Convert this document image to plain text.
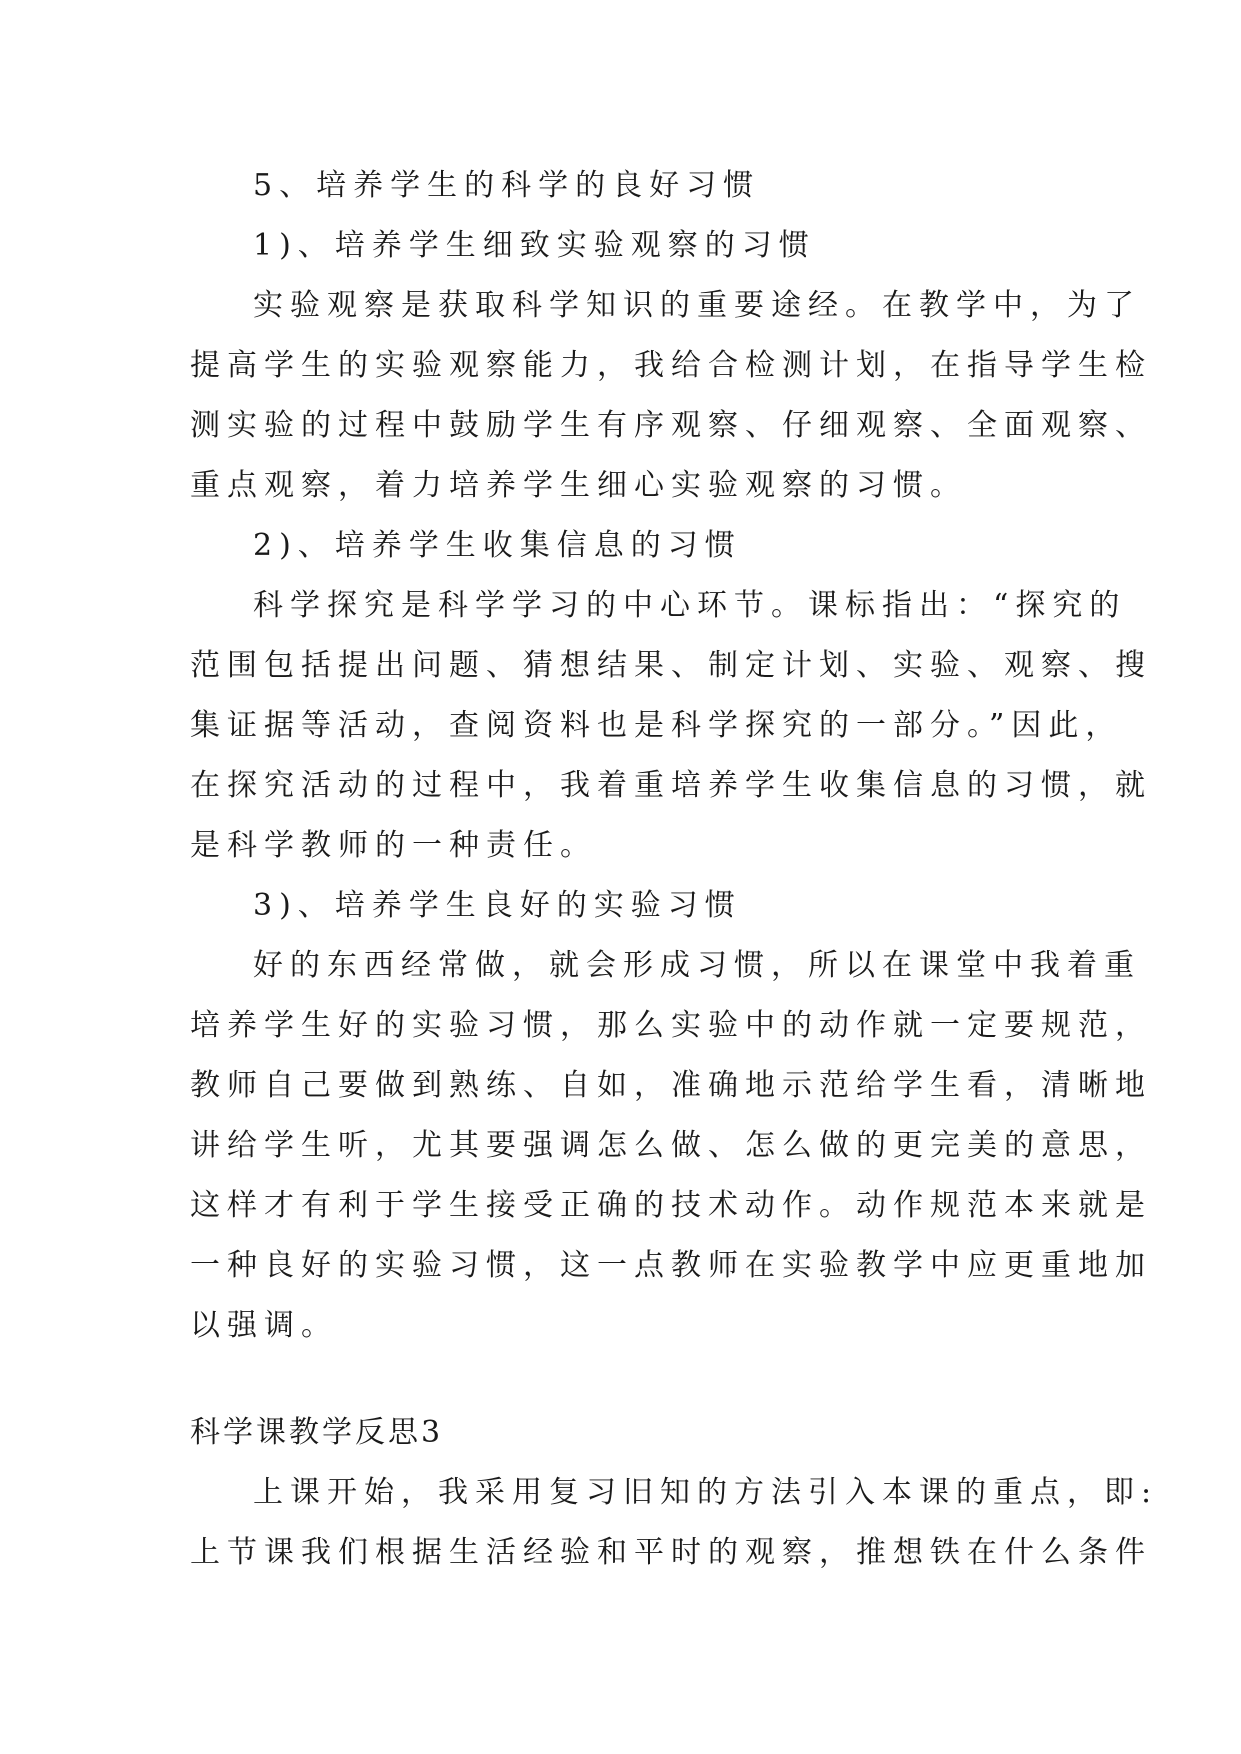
5、培养学生的科学的良好习惯
1)、培养学生细致实验观察的习惯
实验观察是获取科学知识的重要途经。在教学中，为了
提高学生的实验观察能力，我给合检测计划，在指导学生检
测实验的过程中鼓励学生有序观察、仔细观察、全面观察、
重点观察，着力培养学生细心实验观察的习惯。
2)、培养学生收集信息的习惯
科学探究是科学学习的中心环节。课标指出：“探究的
范围包括提出问题、猜想结果、制定计划、实验、观察、搜
集证据等活动，查阅资料也是科学探究的一部分。”因此，
在探究活动的过程中，我着重培养学生收集信息的习惯，就
是科学教师的一种责任。
3)、培养学生良好的实验习惯
好的东西经常做，就会形成习惯，所以在课堂中我着重
培养学生好的实验习惯，那么实验中的动作就一定要规范，
教师自己要做到熟练、自如，准确地示范给学生看，清晰地
讲给学生听，尤其要强调怎么做、怎么做的更完美的意思，
这样才有利于学生接受正确的技术动作。动作规范本来就是
一种良好的实验习惯，这一点教师在实验教学中应更重地加
以强调。
科学课教学反思3
上课开始，我采用复习旧知的方法引入本课的重点，即:
上节课我们根据生活经验和平时的观察，推想铁在什么条件
